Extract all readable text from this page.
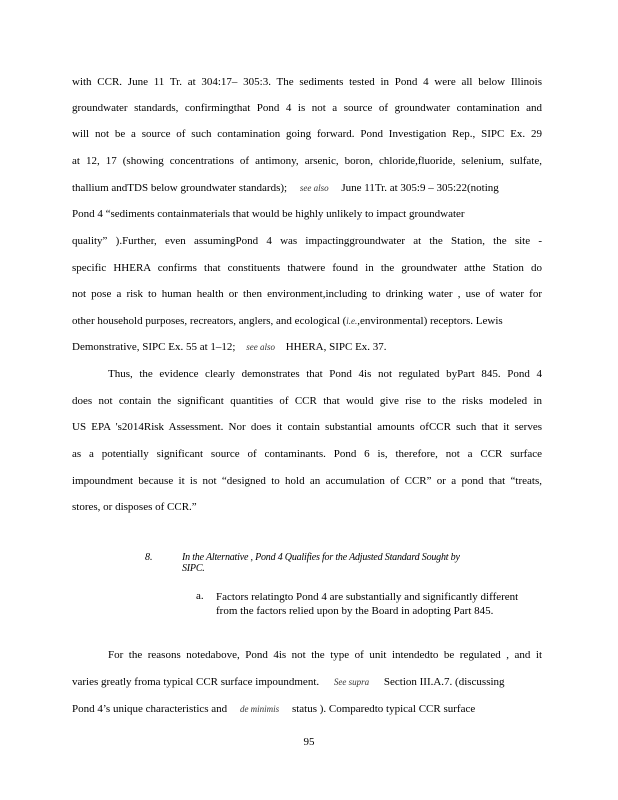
with CCR. June 11 Tr. at 304:17– 305:3. The sediments tested in Pond 4 were all below Illinois
groundwater standards, confirmingthat Pond 4 is not a source of groundwater contamination and
will not be a source of such contamination going forward. Pond Investigation Rep., SIPC Ex. 29
at 12, 17 (showing concentrations of antimony, arsenic, boron, chloride,fluoride, selenium, sulfate,
thallium andTDS below groundwater standards); see also June 11Tr. at 305:9 – 305:22(noting
Pond 4 “sediments containmaterials that would be highly unlikely to impact groundwater
quality” ).Further, even assumingPond 4 was impactinggroundwater at the Station, the site -
specific HHERA confirms that constituents thatwere found in the groundwater atthe Station do
not pose a risk to human health or then environment,including to drinking water , use of water for
other household purposes, recreators, anglers, and ecological (i.e.,environmental) receptors. Lewis
Demonstrative, SIPC Ex. 55 at 1–12; see also HHERA, SIPC Ex. 37.
Thus, the evidence clearly demonstrates that Pond 4is not regulated byPart 845. Pond 4
does not contain the significant quantities of CCR that would give rise to the risks modeled in
US EPA 's2014Risk Assessment. Nor does it contain substantial amounts ofCCR such that it serves
as a potentially significant source of contaminants. Pond 6 is, therefore, not a CCR surface
impoundment because it is not “designed to hold an accumulation of CCR” or a pond that “treats,
stores, or disposes of CCR.”
8.	In the Alternative , Pond 4 Qualifies for the Adjusted Standard Sought by
SIPC.
a. Factors relatingto Pond 4 are substantially and significantly different from the factors relied upon by the Board in adopting Part 845.
For the reasons notedabove, Pond 4is not the type of unit intendedto be regulated , and it
varies greatly froma typical CCR surface impoundment. See supra Section III.A.7. (discussing
Pond 4’s unique characteristics and de minimis status ). Comparedto typical CCR surface
95
